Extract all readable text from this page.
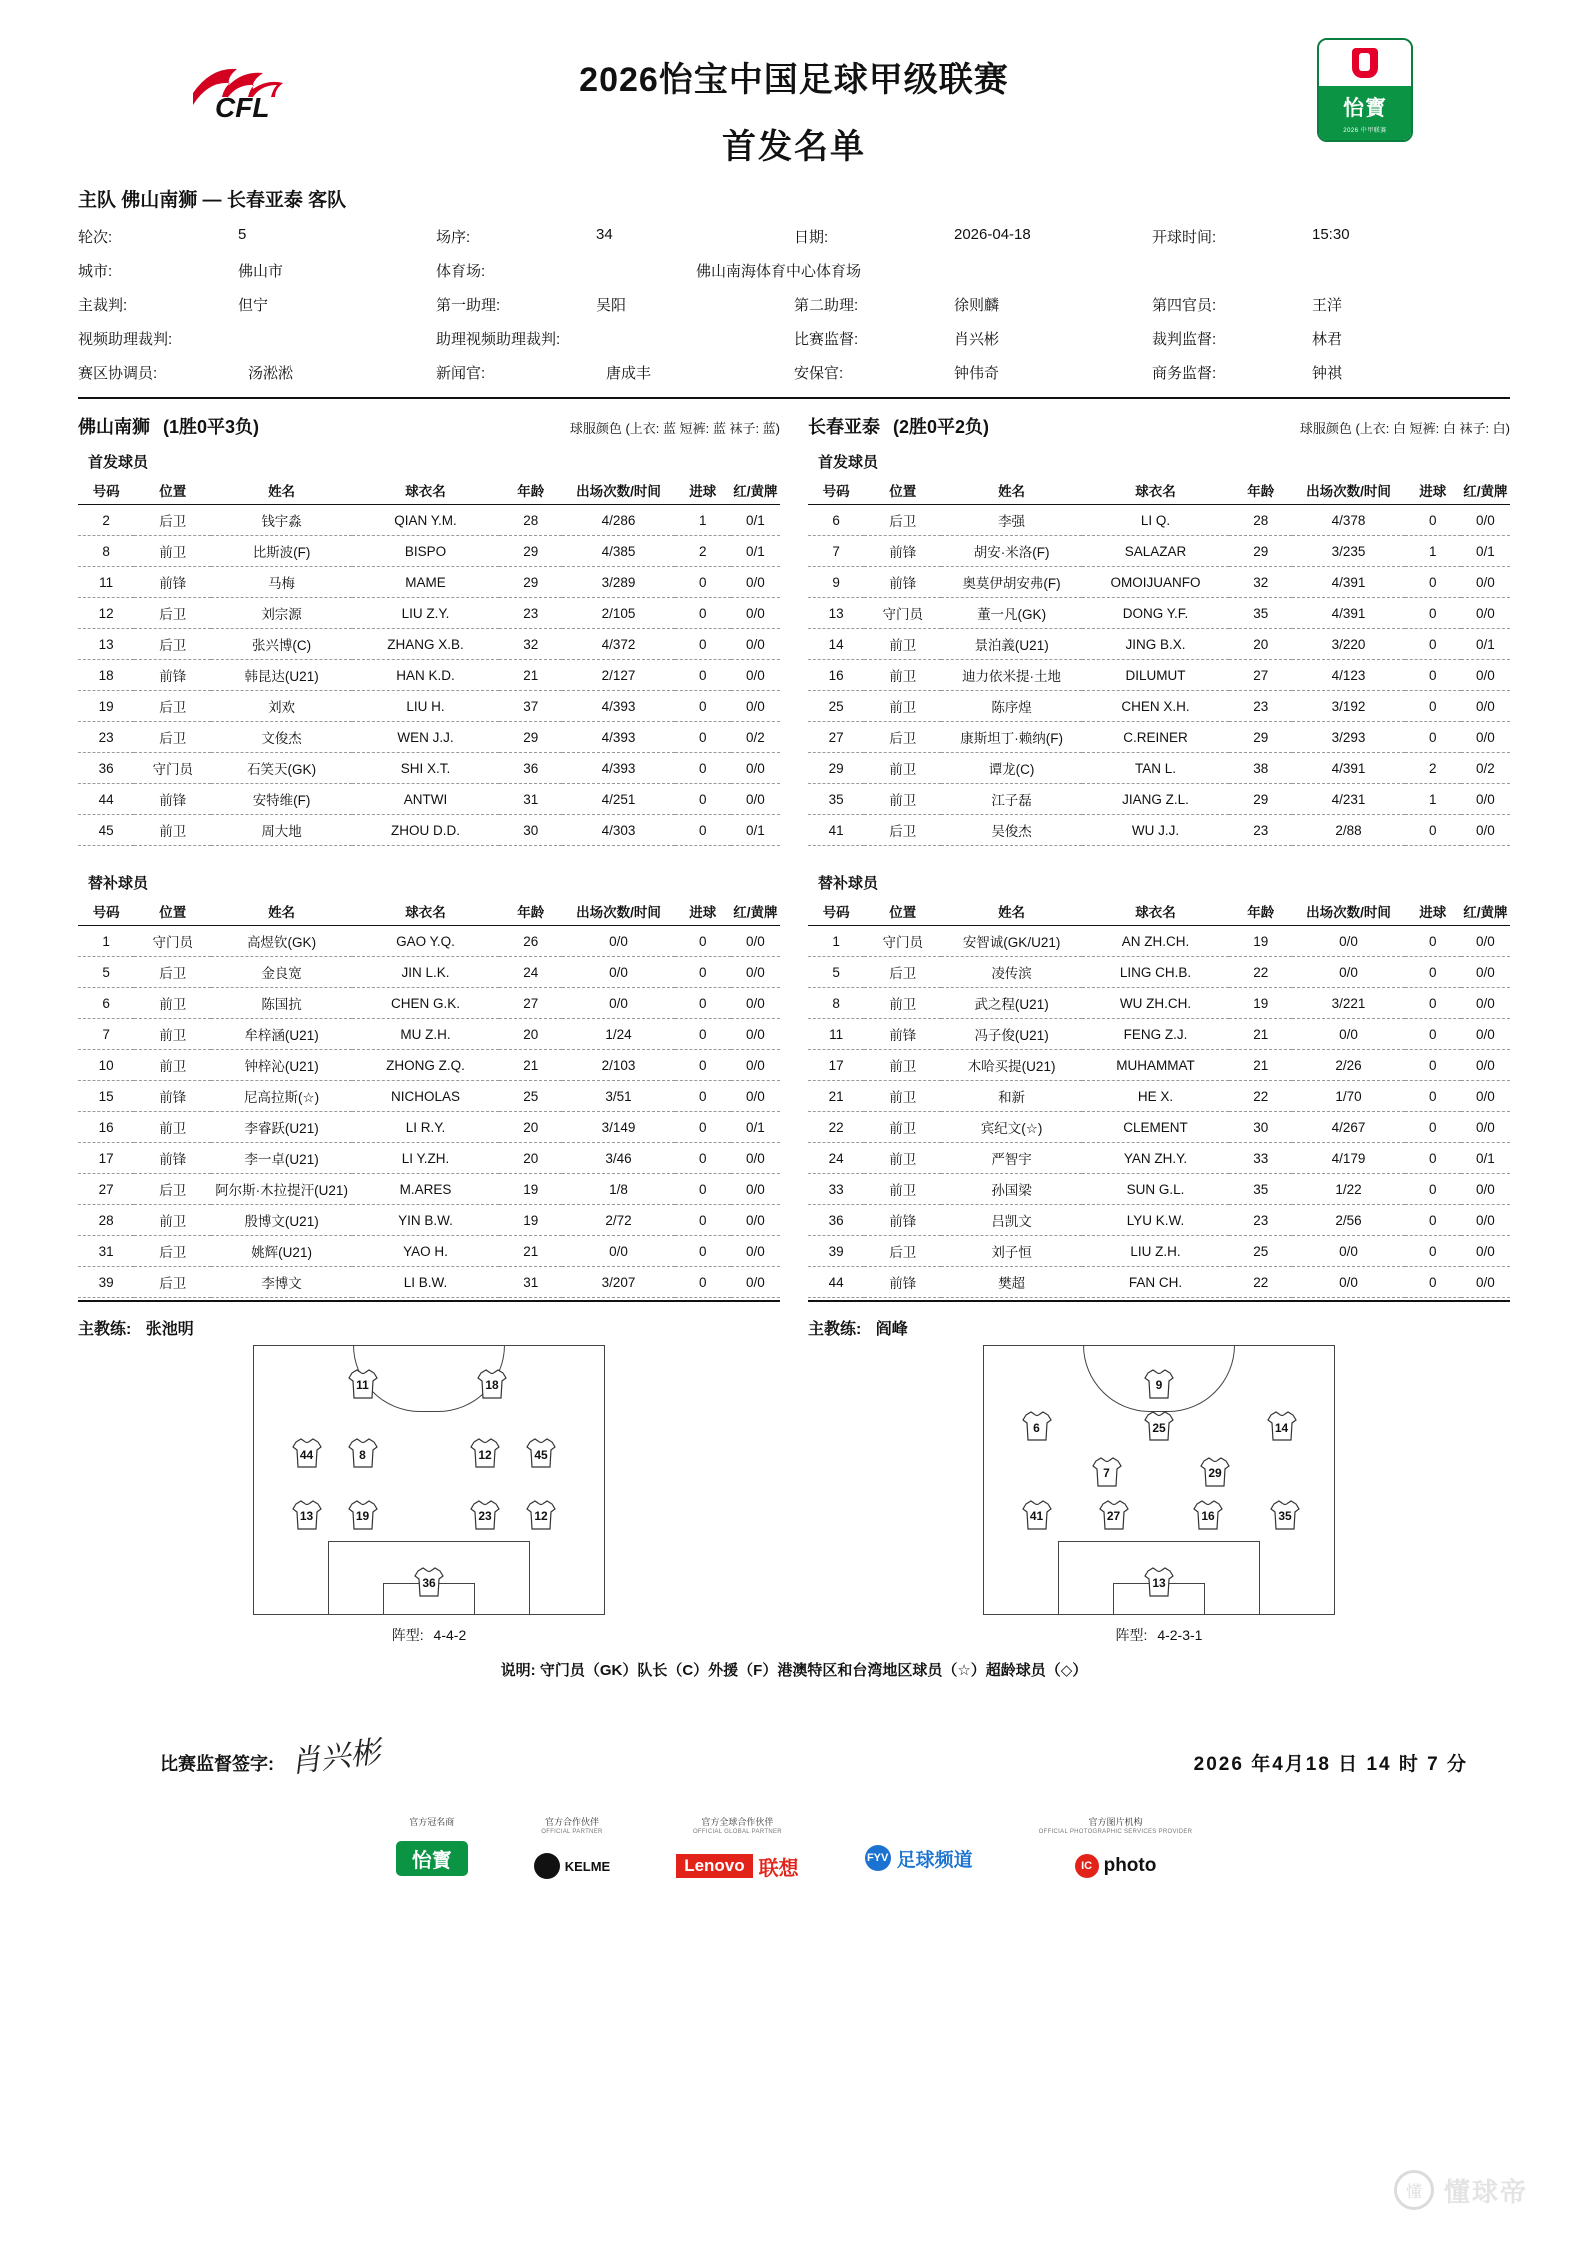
CFL
2026怡宝中国足球甲级联赛
首发名单
怡寳
2026 中甲联赛
主队 佛山南狮 — 长春亚泰 客队
轮次:	5	场序:	34	日期:	2026-04-18	开球时间:	15:30
城市:	佛山市	体育场:	佛山南海体育中心体育场
主裁判:	但宁	第一助理:	吴阳	第二助理:	徐则麟	第四官员:	王洋
视频助理裁判:	助理视频助理裁判:	比赛监督:	肖兴彬	裁判监督:	林君
赛区协调员:	汤淞淞	新闻官:	唐成丰	安保官:	钟伟奇	商务监督:	钟祺
佛山南狮 (1胜0平3负)	球服颜色 (上衣: 蓝 短裤: 蓝 袜子: 蓝)
首发球员
号码	位置	姓名	球衣名	年龄	出场次数/时间	进球	红/黄牌
2	后卫	钱宇淼	QIAN Y.M.	28	4/286	1	0/1
8	前卫	比斯波(F)	BISPO	29	4/385	2	0/1
11	前锋	马梅	MAME	29	3/289	0	0/0
12	后卫	刘宗源	LIU Z.Y.	23	2/105	0	0/0
13	后卫	张兴博(C)	ZHANG X.B.	32	4/372	0	0/0
18	前锋	韩昆达(U21)	HAN K.D.	21	2/127	0	0/0
19	后卫	刘欢	LIU H.	37	4/393	0	0/0
23	后卫	文俊杰	WEN J.J.	29	4/393	0	0/2
36	守门员	石笑天(GK)	SHI X.T.	36	4/393	0	0/0
44	前锋	安特维(F)	ANTWI	31	4/251	0	0/0
45	前卫	周大地	ZHOU D.D.	30	4/303	0	0/1
替补球员
号码	位置	姓名	球衣名	年龄	出场次数/时间	进球	红/黄牌
1	守门员	高煜钦(GK)	GAO Y.Q.	26	0/0	0	0/0
5	后卫	金良宽	JIN L.K.	24	0/0	0	0/0
6	前卫	陈国抗	CHEN G.K.	27	0/0	0	0/0
7	前卫	牟梓涵(U21)	MU Z.H.	20	1/24	0	0/0
10	前卫	钟梓沁(U21)	ZHONG Z.Q.	21	2/103	0	0/0
15	前锋	尼高拉斯(☆)	NICHOLAS	25	3/51	0	0/0
16	前卫	李睿跃(U21)	LI R.Y.	20	3/149	0	0/1
17	前锋	李一卓(U21)	LI Y.ZH.	20	3/46	0	0/0
27	后卫	阿尔斯·木拉提汗(U21)	M.ARES	19	1/8	0	0/0
28	前卫	殷博文(U21)	YIN B.W.	19	2/72	0	0/0
31	后卫	姚辉(U21)	YAO H.	21	0/0	0	0/0
39	后卫	李博文	LI B.W.	31	3/207	0	0/0
主教练: 张池明
长春亚泰 (2胜0平2负)	球服颜色 (上衣: 白 短裤: 白 袜子: 白)
首发球员
号码	位置	姓名	球衣名	年龄	出场次数/时间	进球	红/黄牌
6	后卫	李强	LI Q.	28	4/378	0	0/0
7	前锋	胡安·米洛(F)	SALAZAR	29	3/235	1	0/1
9	前锋	奥莫伊胡安弗(F)	OMOIJUANFO	32	4/391	0	0/0
13	守门员	董一凡(GK)	DONG Y.F.	35	4/391	0	0/0
14	前卫	景泊義(U21)	JING B.X.	20	3/220	0	0/1
16	前卫	迪力依米提·土地	DILUMUT	27	4/123	0	0/0
25	前卫	陈序煌	CHEN X.H.	23	3/192	0	0/0
27	后卫	康斯坦丁·赖纳(F)	C.REINER	29	3/293	0	0/0
29	前卫	谭龙(C)	TAN L.	38	4/391	2	0/2
35	前卫	江子磊	JIANG Z.L.	29	4/231	1	0/0
41	后卫	吴俊杰	WU J.J.	23	2/88	0	0/0
替补球员
号码	位置	姓名	球衣名	年龄	出场次数/时间	进球	红/黄牌
1	守门员	安智诚(GK/U21)	AN ZH.CH.	19	0/0	0	0/0
5	后卫	凌传滨	LING CH.B.	22	0/0	0	0/0
8	前卫	武之程(U21)	WU ZH.CH.	19	3/221	0	0/0
11	前锋	冯子俊(U21)	FENG Z.J.	21	0/0	0	0/0
17	前卫	木哈买提(U21)	MUHAMMAT	21	2/26	0	0/0
21	前卫	和新	HE X.	22	1/70	0	0/0
22	前卫	宾纪文(☆)	CLEMENT	30	4/267	0	0/0
24	前卫	严智宇	YAN ZH.Y.	33	4/179	0	0/1
33	前卫	孙国梁	SUN G.L.	35	1/22	0	0/0
36	前锋	吕凯文	LYU K.W.	23	2/56	0	0/0
39	后卫	刘子恒	LIU Z.H.	25	0/0	0	0/0
44	前锋	樊超	FAN CH.	22	0/0	0	0/0
主教练: 阎峰
11	18
44	8	12	45
13	19	23	12
36
阵型: 4-4-2
9
6	25	14
7	29
41	27	16	35
13
阵型: 4-2-3-1
说明: 守门员（GK）队长（C）外援（F）港澳特区和台湾地区球员（☆）超龄球员（◇）
比赛监督签字: 肖兴彬	2026 年4月18 日 14 时 7 分
官方冠名商
怡寳
官方合作伙伴
OFFICIAL PARTNER
KELME
官方全球合作伙伴
OFFICIAL GLOBAL PARTNER
Lenovo 联想
	FYV 足球频道
官方图片机构
OFFICIAL PHOTOGRAPHIC SERVICES PROVIDER
IC photo
懂 懂球帝
